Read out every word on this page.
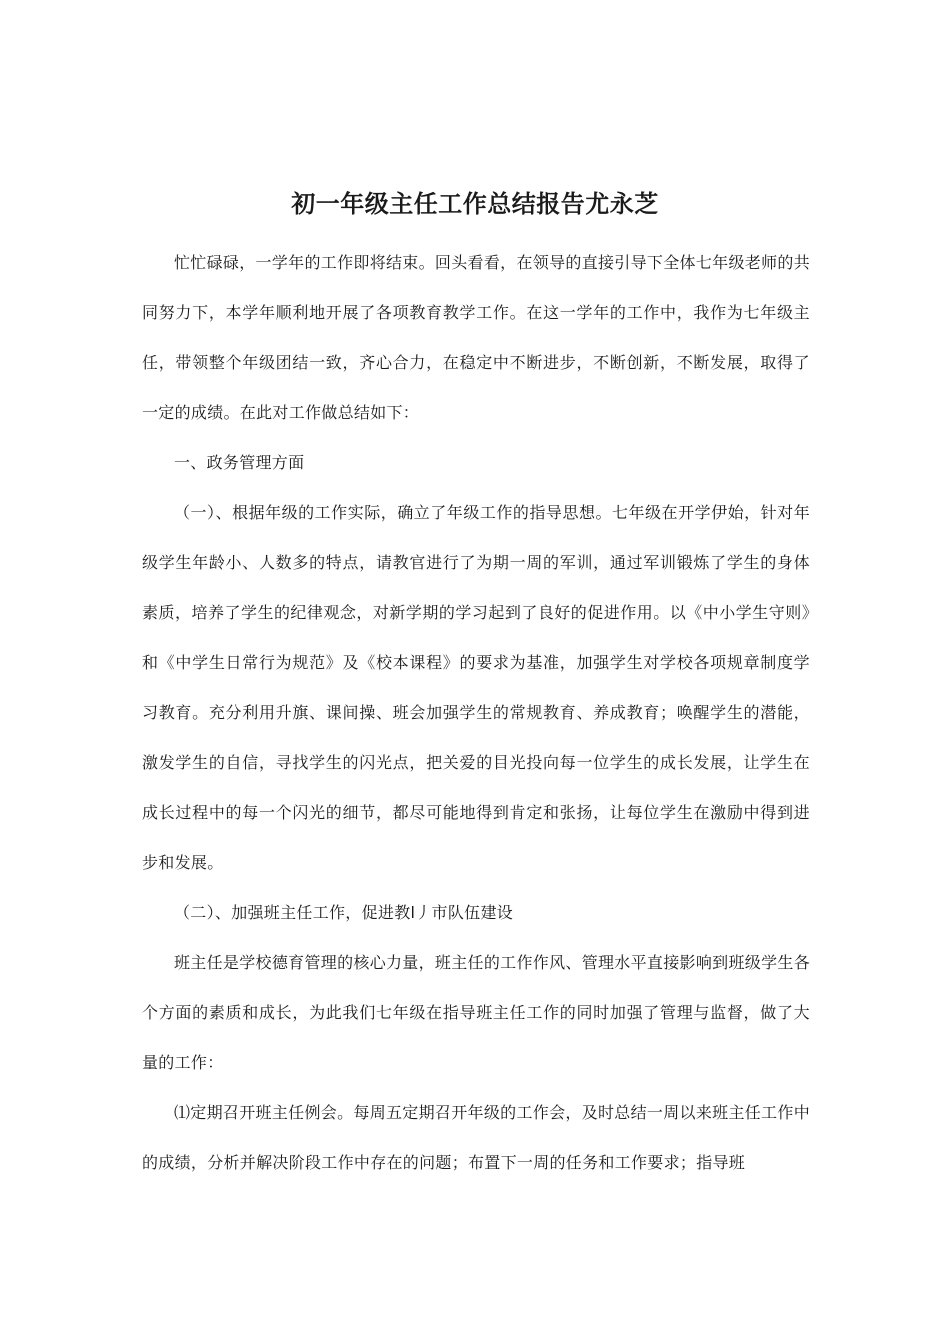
初一年级主任工作总结报告尤永芝

忙忙碌碌，一学年的工作即将结束。回头看看，在领导的直接引导下全体七年级老师的共同努力下，本学年顺利地开展了各项教育教学工作。在这一学年的工作中，我作为七年级主任，带领整个年级团结一致，齐心合力，在稳定中不断进步，不断创新，不断发展，取得了一定的成绩。在此对工作做总结如下：

一、政务管理方面

（一）、根据年级的工作实际，确立了年级工作的指导思想。七年级在开学伊始，针对年级学生年龄小、人数多的特点，请教官进行了为期一周的军训，通过军训锻炼了学生的身体素质，培养了学生的纪律观念，对新学期的学习起到了良好的促进作用。以《中小学生守则》和《中学生日常行为规范》及《校本课程》的要求为基准，加强学生对学校各项规章制度学习教育。充分利用升旗、课间操、班会加强学生的常规教育、养成教育；唤醒学生的潜能，激发学生的自信，寻找学生的闪光点，把关爱的目光投向每一位学生的成长发展，让学生在成长过程中的每一个闪光的细节，都尽可能地得到肯定和张扬，让每位学生在激励中得到进步和发展。

（二）、加强班主任工作，促进教l丿市队伍建设

班主任是学校德育管理的核心力量，班主任的工作作风、管理水平直接影响到班级学生各个方面的素质和成长，为此我们七年级在指导班主任工作的同时加强了管理与监督，做了大量的工作：

⑴定期召开班主任例会。每周五定期召开年级的工作会，及时总结一周以来班主任工作中的成绩，分析并解决阶段工作中存在的问题；布置下一周的任务和工作要求；指导班
